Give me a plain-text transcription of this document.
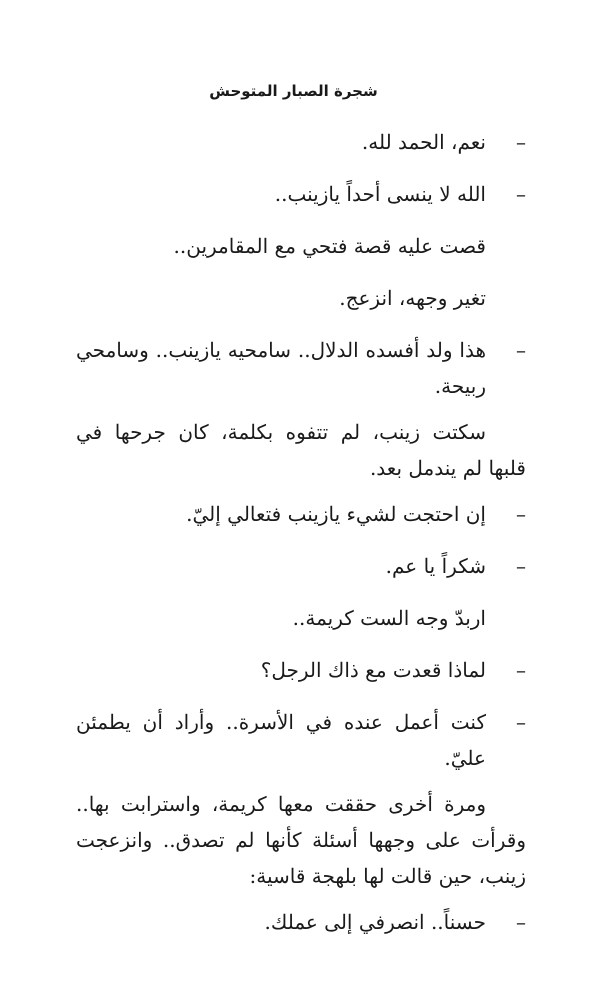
شجرة الصبار المتوحش

–
نعم، الحمد لله.

–
الله لا ينسى أحداً يازينب..

قصت عليه قصة فتحي مع المقامرين..

تغير وجهه، انزعج.

–
هذا ولد أفسده الدلال.. سامحيه يازينب.. وسامحي ربيحة.

سكتت زينب، لم تتفوه بكلمة، كان جرحها في قلبها لم يندمل بعد.

–
إن احتجت لشيء يازينب فتعالي إليّ.

–
شكراً يا عم.

اربدّ وجه الست كريمة..

–
لماذا قعدت مع ذاك الرجل؟

–
كنت أعمل عنده في الأسرة.. وأراد أن يطمئن عليّ.

ومرة أخرى حققت معها كريمة، واسترابت بها.. وقرأت على وجهها أسئلة كأنها لم تصدق.. وانزعجت زينب، حين قالت لها بلهجة قاسية:

–
حسناً.. انصرفي إلى عملك.
